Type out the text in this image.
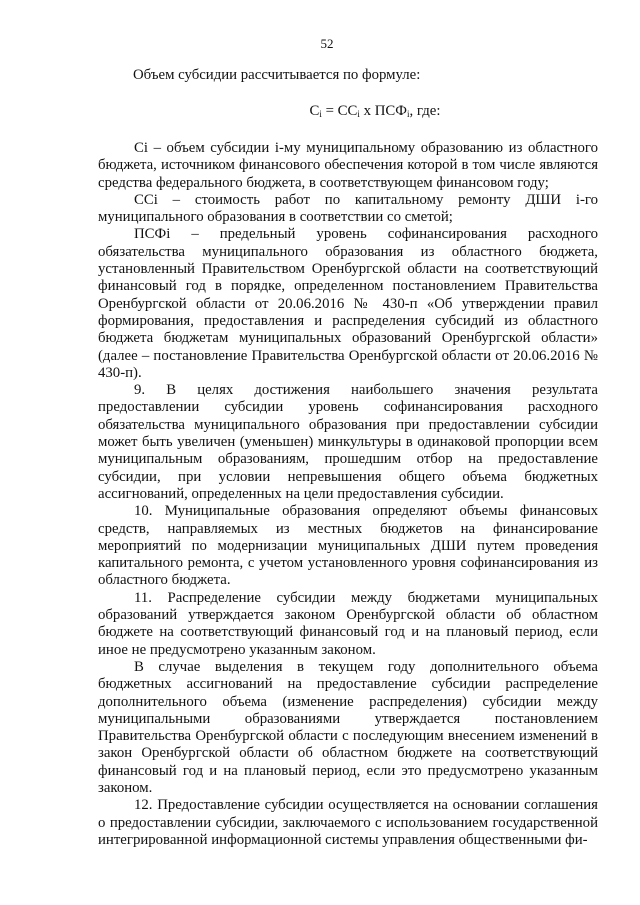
52
Объем субсидии рассчитывается по формуле:
$C_i = СС_i$ х $ПСФ_i$, где:

Сi – объем субсидии i-му муниципальному образованию из областного бюджета, источником финансового обеспечения которой в том числе являются средства федерального бюджета, в соответствующем финансовом году;

ССi – стоимость работ по капитальному ремонту ДШИ i-го муниципального образования в соответствии со сметой;

ПСФi – предельный уровень софинансирования расходного обязательства муниципального образования из областного бюджета, установленный Правительством Оренбургской области на соответствующий финансовый год в порядке, определенном постановлением Правительства Оренбургской области от 20.06.2016 № 430-п «Об утверждении правил формирования, предоставления и распределения субсидий из областного бюджета бюджетам муниципальных образований Оренбургской области» (далее – постановление Правительства Оренбургской области от 20.06.2016 № 430-п).

9. В целях достижения наибольшего значения результата предоставлении субсидии уровень софинансирования расходного обязательства муниципального образования при предоставлении субсидии может быть увеличен (уменьшен) минкультуры в одинаковой пропорции всем муниципальным образованиям, прошедшим отбор на предоставление субсидии, при условии непревышения общего объема бюджетных ассигнований, определенных на цели предоставления субсидии.

10. Муниципальные образования определяют объемы финансовых средств, направляемых из местных бюджетов на финансирование мероприятий по модернизации муниципальных ДШИ путем проведения капитального ремонта, с учетом установленного уровня софинансирования из областного бюджета.

11. Распределение субсидии между бюджетами муниципальных образований утверждается законом Оренбургской области об областном бюджете на соответствующий финансовый год и на плановый период, если иное не предусмотрено указанным законом.

В случае выделения в текущем году дополнительного объема бюджетных ассигнований на предоставление субсидии распределение дополнительного объема (изменение распределения) субсидии между муниципальными образованиями утверждается постановлением Правительства Оренбургской области с последующим внесением изменений в закон Оренбургской области об областном бюджете на соответствующий финансовый год и на плановый период, если это предусмотрено указанным законом.

12. Предоставление субсидии осуществляется на основании соглашения о предоставлении субсидии, заключаемого с использованием государственной интегрированной информационной системы управления общественными фи-
